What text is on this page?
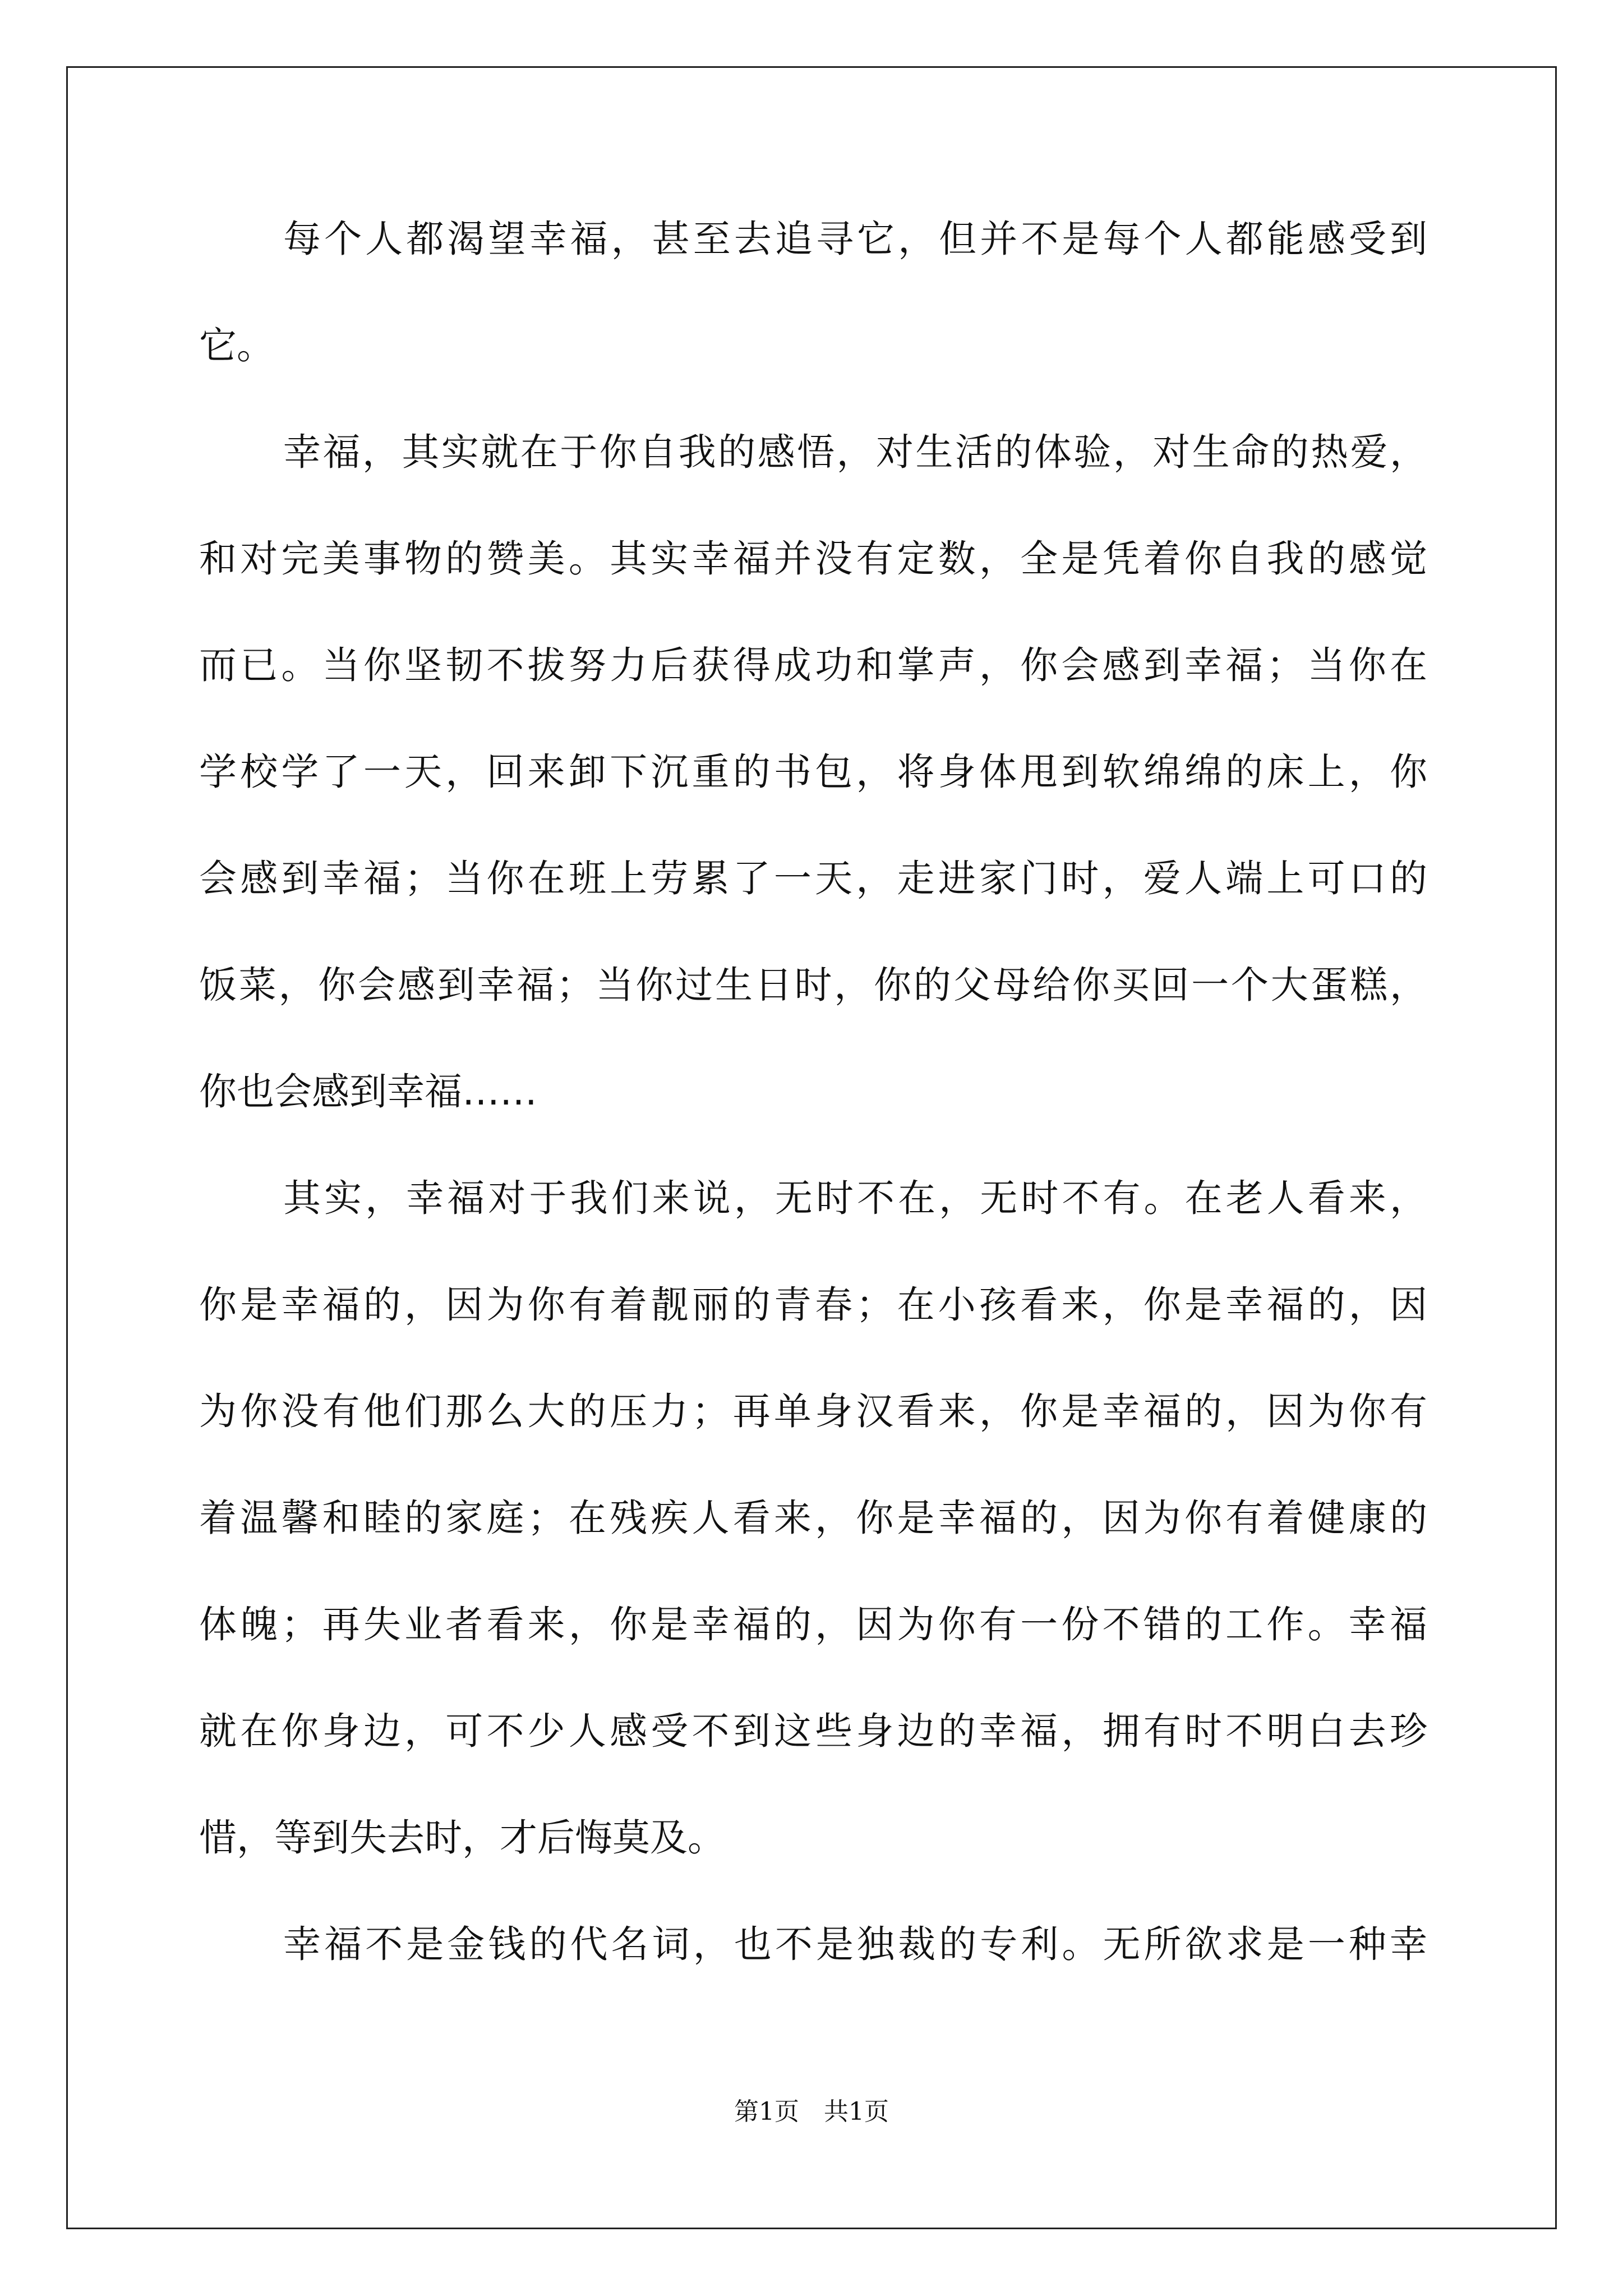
每个人都渴望幸福，甚至去追寻它，但并不是每个人都能感受到
它。
幸福，其实就在于你自我的感悟，对生活的体验，对生命的热爱，
和对完美事物的赞美。其实幸福并没有定数，全是凭着你自我的感觉
而已。当你坚韧不拔努力后获得成功和掌声，你会感到幸福；当你在
学校学了一天，回来卸下沉重的书包，将身体甩到软绵绵的床上，你
会感到幸福；当你在班上劳累了一天，走进家门时，爱人端上可口的
饭菜，你会感到幸福；当你过生日时，你的父母给你买回一个大蛋糕，
你也会感到幸福……
其实，幸福对于我们来说，无时不在，无时不有。在老人看来，
你是幸福的，因为你有着靓丽的青春；在小孩看来，你是幸福的，因
为你没有他们那么大的压力；再单身汉看来，你是幸福的，因为你有
着温馨和睦的家庭；在残疾人看来，你是幸福的，因为你有着健康的
体魄；再失业者看来，你是幸福的，因为你有一份不错的工作。幸福
就在你身边，可不少人感受不到这些身边的幸福，拥有时不明白去珍
惜，等到失去时，才后悔莫及。
幸福不是金钱的代名词，也不是独裁的专利。无所欲求是一种幸
第1页　共1页
